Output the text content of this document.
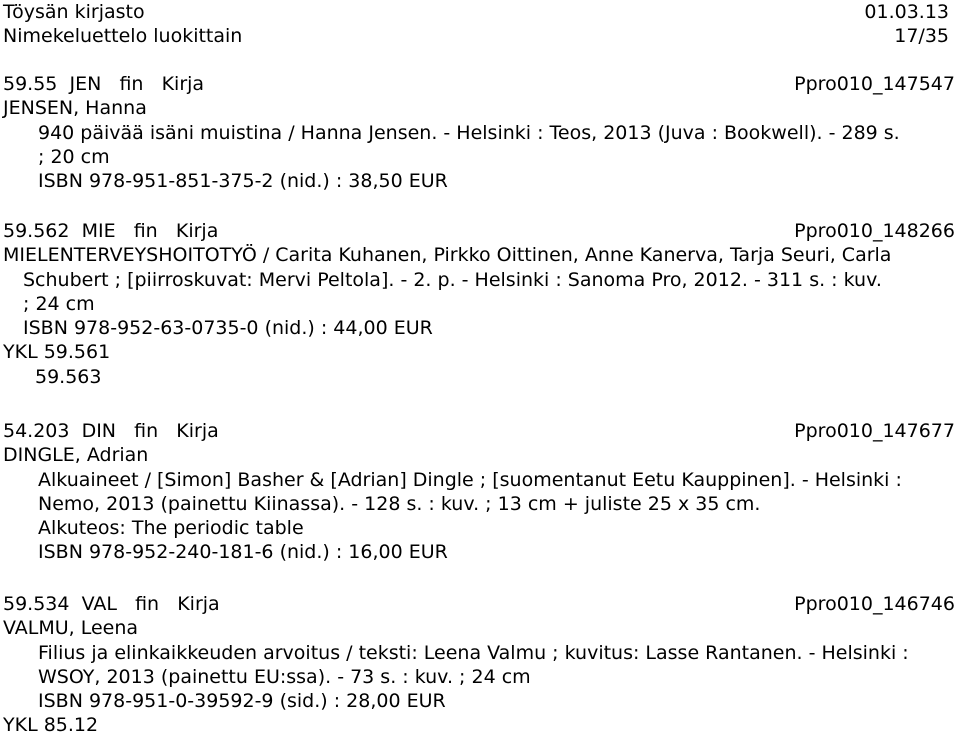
Töysän kirjasto	01.03.13
Nimekeluettelo luokittain	17/35
59.55 JEN fin Kirja	Ppro010_147547
JENSEN, Hanna
940 päivää isäni muistina / Hanna Jensen. - Helsinki : Teos, 2013 (Juva : Bookwell). - 289 s.
; 20 cm
ISBN 978-951-851-375-2 (nid.) : 38,50 EUR
59.562 MIE fin Kirja	Ppro010_148266
MIELENTERVEYSHOITOTYÖ / Carita Kuhanen, Pirkko Oittinen, Anne Kanerva, Tarja Seuri, Carla
Schubert ; [piirroskuvat: Mervi Peltola]. - 2. p. - Helsinki : Sanoma Pro, 2012. - 311 s. : kuv.
; 24 cm
ISBN 978-952-63-0735-0 (nid.) : 44,00 EUR
YKL 59.561
59.563
54.203 DIN fin Kirja	Ppro010_147677
DINGLE, Adrian
Alkuaineet / [Simon] Basher & [Adrian] Dingle ; [suomentanut Eetu Kauppinen]. - Helsinki :
Nemo, 2013 (painettu Kiinassa). - 128 s. : kuv. ; 13 cm + juliste 25 x 35 cm.
Alkuteos: The periodic table
ISBN 978-952-240-181-6 (nid.) : 16,00 EUR
59.534 VAL fin Kirja	Ppro010_146746
VALMU, Leena
Filius ja elinkaikkeuden arvoitus / teksti: Leena Valmu ; kuvitus: Lasse Rantanen. - Helsinki :
WSOY, 2013 (painettu EU:ssa). - 73 s. : kuv. ; 24 cm
ISBN 978-951-0-39592-9 (sid.) : 28,00 EUR
YKL 85.12
